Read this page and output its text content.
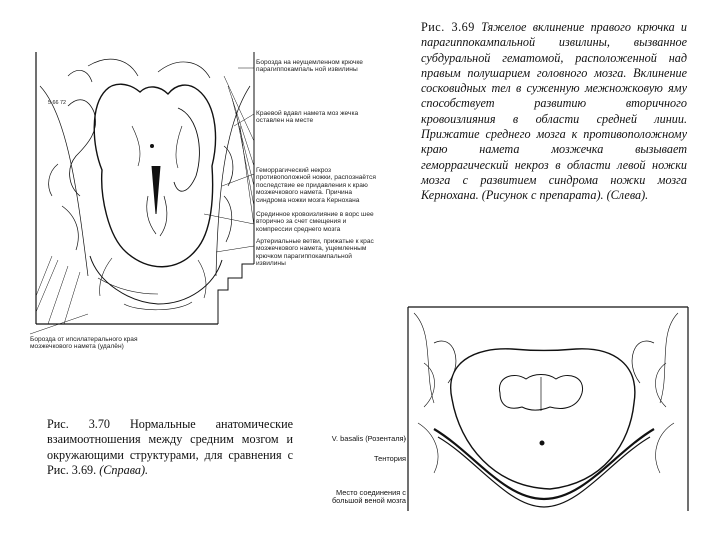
5 66 72
Борозда на неущемленном крючке парагиппокампаль ной извилины
Краевой вдавл намета моз жечка оставлен на месте
Геморрагический некроз противоположной ножки, распознаётся последствие ее придавления к краю мозжечкового намета. Причина синдрома ножки мозга Кернохана
Срединное кровоизлияние в ворс шее вторично за счет смещения и компрессии среднего мозга
Артериальные ветви, прижатые к крас мозжечкового намета, ущемленным крючком парагиппокампальной извилины
Борозда от ипсилатерального края мозжечкового намета (удалён)
Рис. 3.69 Тяжелое вклинение правого крючка и парагиппокампальной извилины, вызванное субдуральной гематомой, расположенной над правым полушарием головного мозга. Вклинение сосковидных тел в суженную межножковую яму способствует развитию вторичного кровоизлияния в области средней линии. Прижатие среднего мозга к противоположному краю намета мозжечка вызывает геморрагический некроз в области левой ножки мозга с развитием синдрома ножки мозга Кернохана. (Рисунок с препарата). (Слева).
Рис. 3.70 Нормальные анатомические взаимоотношения между средним мозгом и окружающими структурами, для сравнения с Рис. 3.69. (Справа).
V. basalis (Розенталя)
Тентория
Место соединения с большой веной мозга
